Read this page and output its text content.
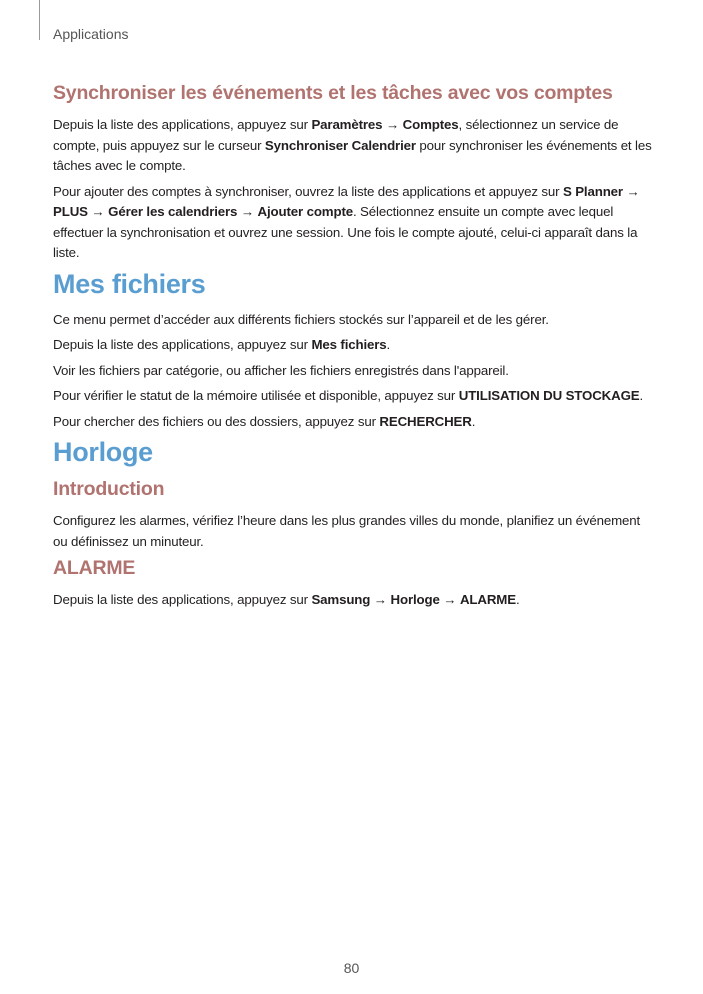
Applications
Synchroniser les événements et les tâches avec vos comptes

Depuis la liste des applications, appuyez sur Paramètres → Comptes, sélectionnez un service de compte, puis appuyez sur le curseur Synchroniser Calendrier pour synchroniser les événements et les tâches avec le compte.

Pour ajouter des comptes à synchroniser, ouvrez la liste des applications et appuyez sur S Planner → PLUS → Gérer les calendriers → Ajouter compte. Sélectionnez ensuite un compte avec lequel effectuer la synchronisation et ouvrez une session. Une fois le compte ajouté, celui-ci apparaît dans la liste.

Mes fichiers

Ce menu permet d’accéder aux différents fichiers stockés sur l’appareil et de les gérer.

Depuis la liste des applications, appuyez sur Mes fichiers.

Voir les fichiers par catégorie, ou afficher les fichiers enregistrés dans l'appareil.

Pour vérifier le statut de la mémoire utilisée et disponible, appuyez sur UTILISATION DU STOCKAGE.

Pour chercher des fichiers ou des dossiers, appuyez sur RECHERCHER.

Horloge
Introduction

Configurez les alarmes, vérifiez l’heure dans les plus grandes villes du monde, planifiez un événement ou définissez un minuteur.

ALARME

Depuis la liste des applications, appuyez sur Samsung → Horloge → ALARME.

80
